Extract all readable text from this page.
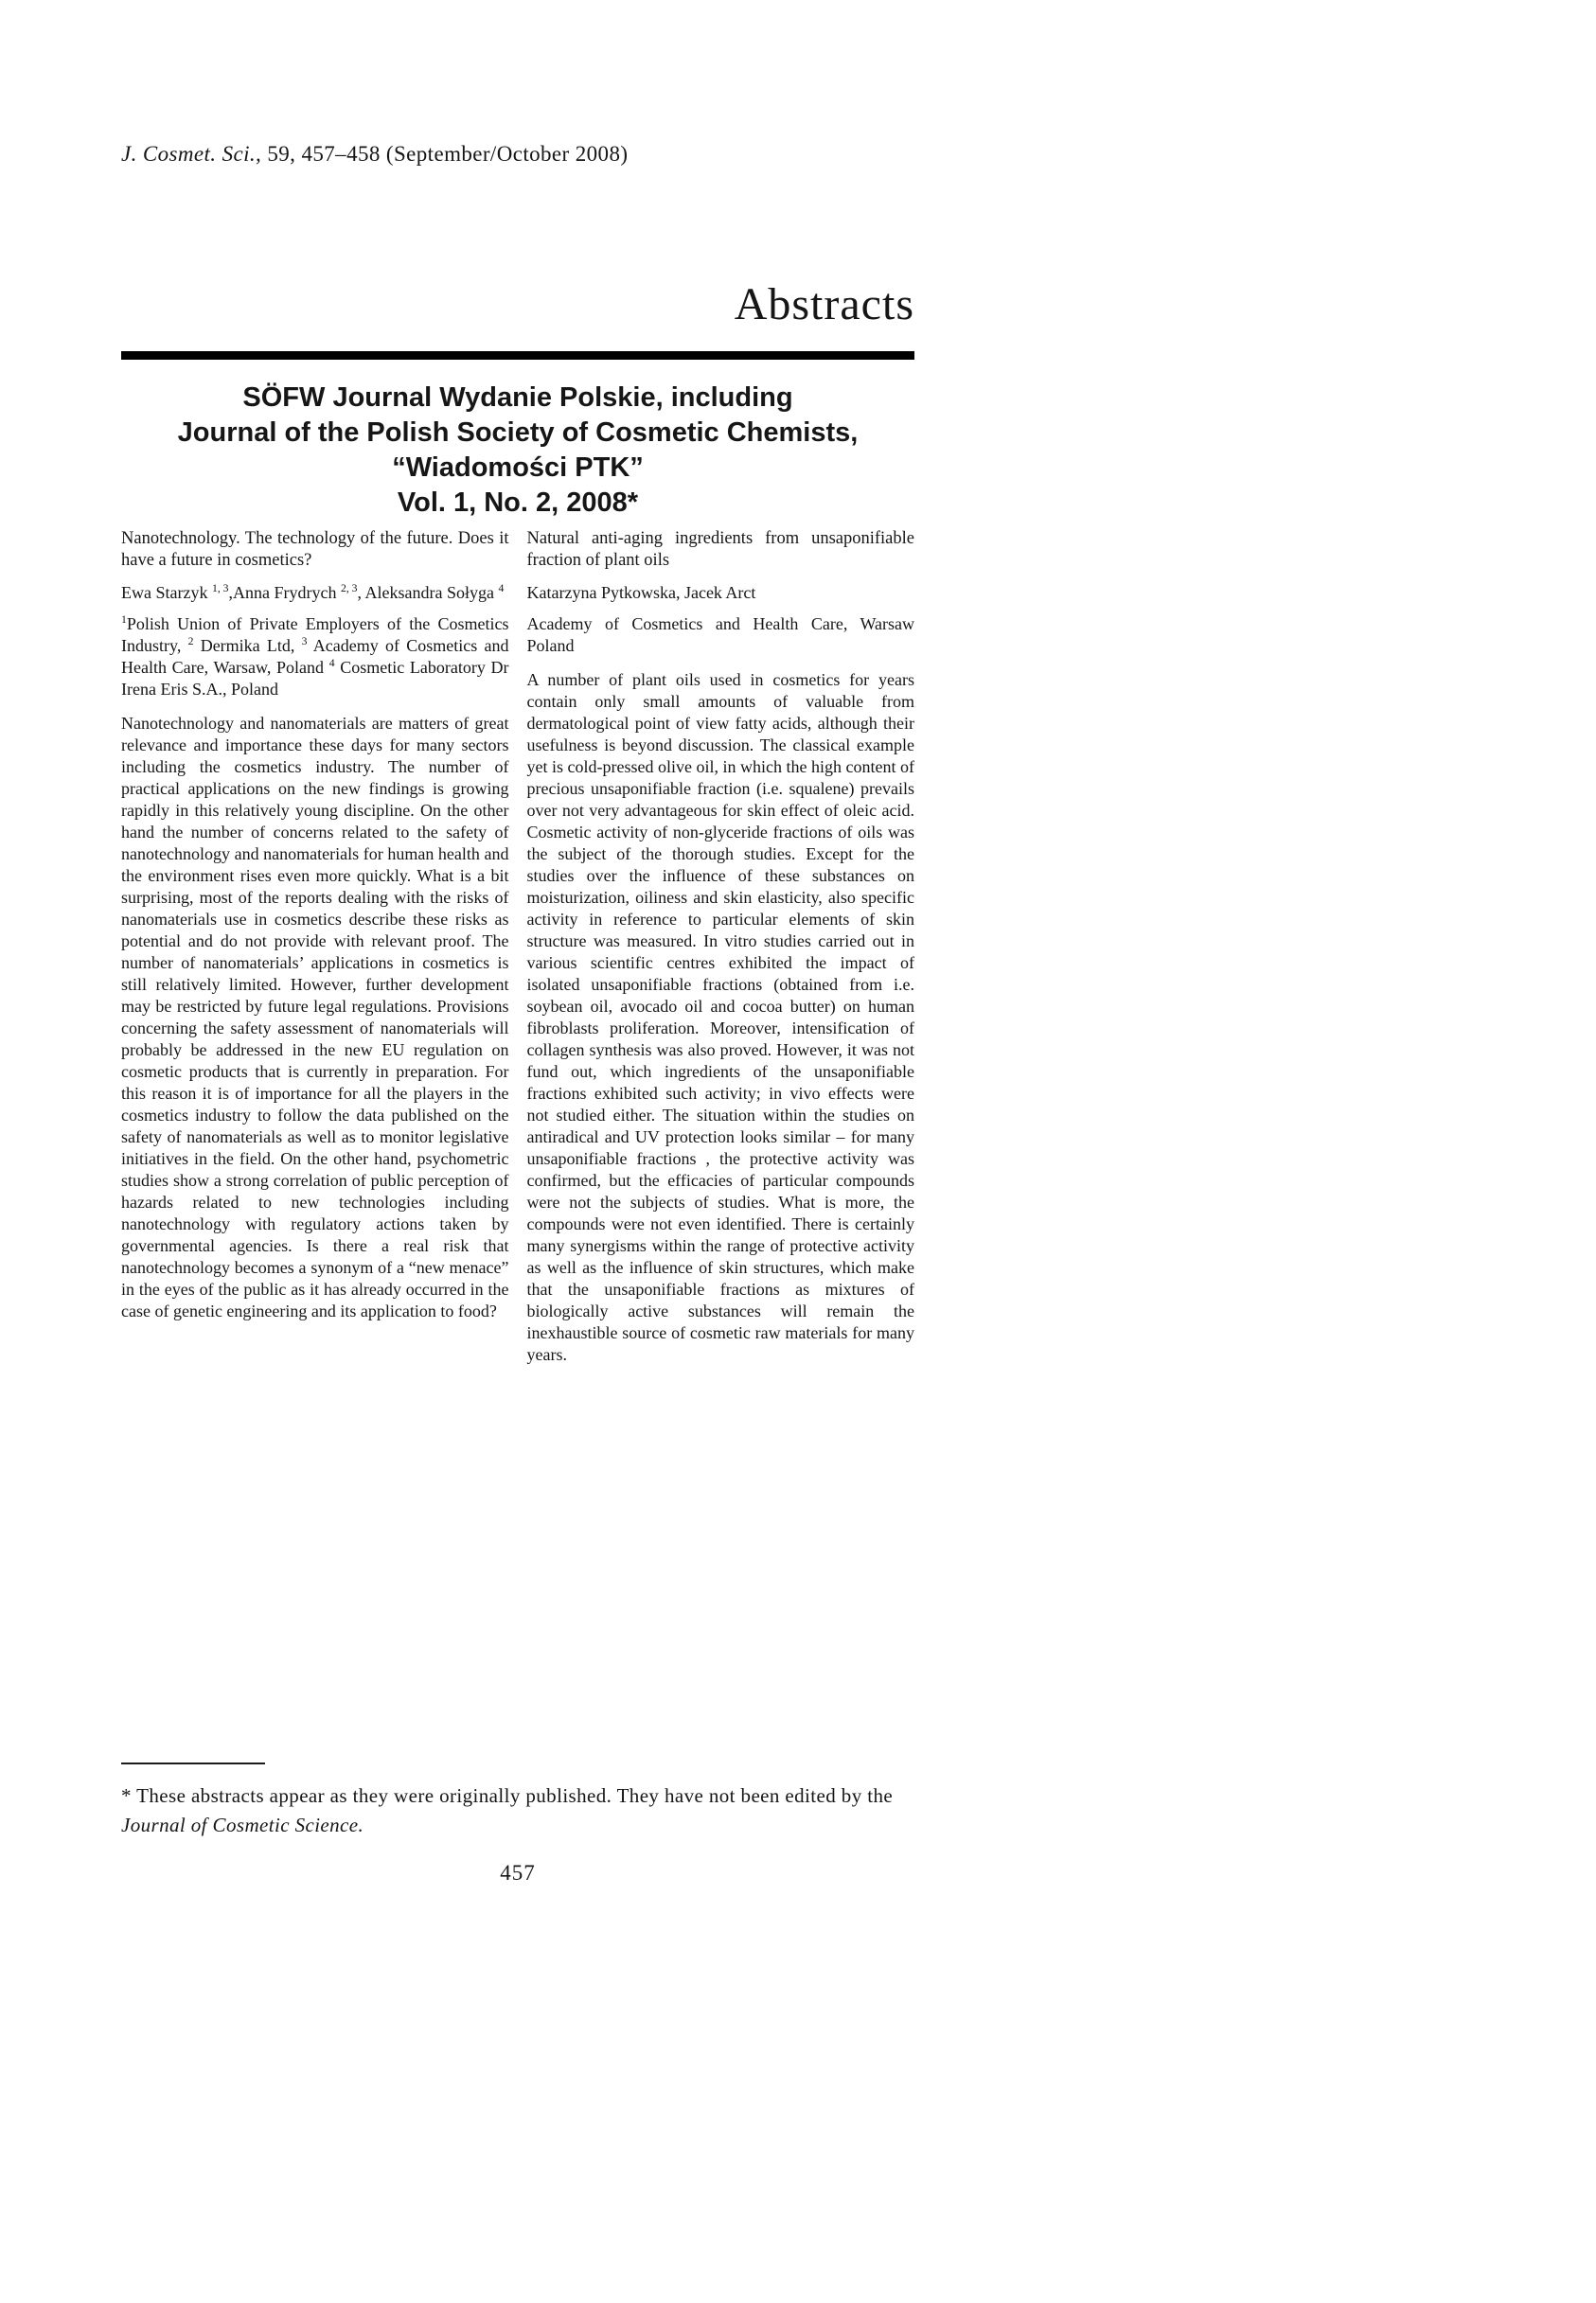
J. Cosmet. Sci., 59, 457–458 (September/October 2008)
Abstracts
SÖFW Journal Wydanie Polskie, including
Journal of the Polish Society of Cosmetic Chemists,
“Wiadomości PTK”
Vol. 1, No. 2, 2008*
Nanotechnology. The technology of the future. Does it have a future in cosmetics?
Ewa Starzyk $^{1, 3}$,Anna Frydrych $^{2, 3}$, Aleksandra Sołyga $^4$
$^1$Polish Union of Private Employers of the Cosmetics Industry, $^2$ Dermika Ltd, $^3$ Academy of Cosmetics and Health Care, Warsaw, Poland $^4$ Cosmetic Laboratory Dr Irena Eris S.A., Poland
Nanotechnology and nanomaterials are matters of great relevance and importance these days for many sectors including the cosmetics industry. The number of practical applications on the new findings is growing rapidly in this relatively young discipline. On the other hand the number of concerns related to the safety of nanotechnology and nanomaterials for human health and the environment rises even more quickly. What is a bit surprising, most of the reports dealing with the risks of nanomaterials use in cosmetics describe these risks as potential and do not provide with relevant proof. The number of nanomaterials’ applications in cosmetics is still relatively limited. However, further development may be restricted by future legal regulations. Provisions concerning the safety assessment of nanomaterials will probably be addressed in the new EU regulation on cosmetic products that is currently in preparation. For this reason it is of importance for all the players in the cosmetics industry to follow the data published on the safety of nanomaterials as well as to monitor legislative initiatives in the field. On the other hand, psychometric studies show a strong correlation of public perception of hazards related to new technologies including nanotechnology with regulatory actions taken by governmental agencies. Is there a real risk that nanotechnology becomes a synonym of a “new menace” in the eyes of the public as it has already occurred in the case of genetic engineering and its application to food?
Natural anti-aging ingredients from unsaponifiable fraction of plant oils
Katarzyna Pytkowska, Jacek Arct
Academy of Cosmetics and Health Care, Warsaw Poland
A number of plant oils used in cosmetics for years contain only small amounts of valuable from dermatological point of view fatty acids, although their usefulness is beyond discussion. The classical example yet is cold-pressed olive oil, in which the high content of precious unsaponifiable fraction (i.e. squalene) prevails over not very advantageous for skin effect of oleic acid. Cosmetic activity of non-glyceride fractions of oils was the subject of the thorough studies. Except for the studies over the influence of these substances on moisturization, oiliness and skin elasticity, also specific activity in reference to particular elements of skin structure was measured. In vitro studies carried out in various scientific centres exhibited the impact of isolated unsaponifiable fractions (obtained from i.e. soybean oil, avocado oil and cocoa butter) on human fibroblasts proliferation. Moreover, intensification of collagen synthesis was also proved. However, it was not fund out, which ingredients of the unsaponifiable fractions exhibited such activity; in vivo effects were not studied either. The situation within the studies on antiradical and UV protection looks similar – for many unsaponifiable fractions , the protective activity was confirmed, but the efficacies of particular compounds were not the subjects of studies. What is more, the compounds were not even identified. There is certainly many synergisms within the range of protective activity as well as the influence of skin structures, which make that the unsaponifiable fractions as mixtures of biologically active substances will remain the inexhaustible source of cosmetic raw materials for many years.
* These abstracts appear as they were originally published. They have not been edited by the Journal of Cosmetic Science.
457
